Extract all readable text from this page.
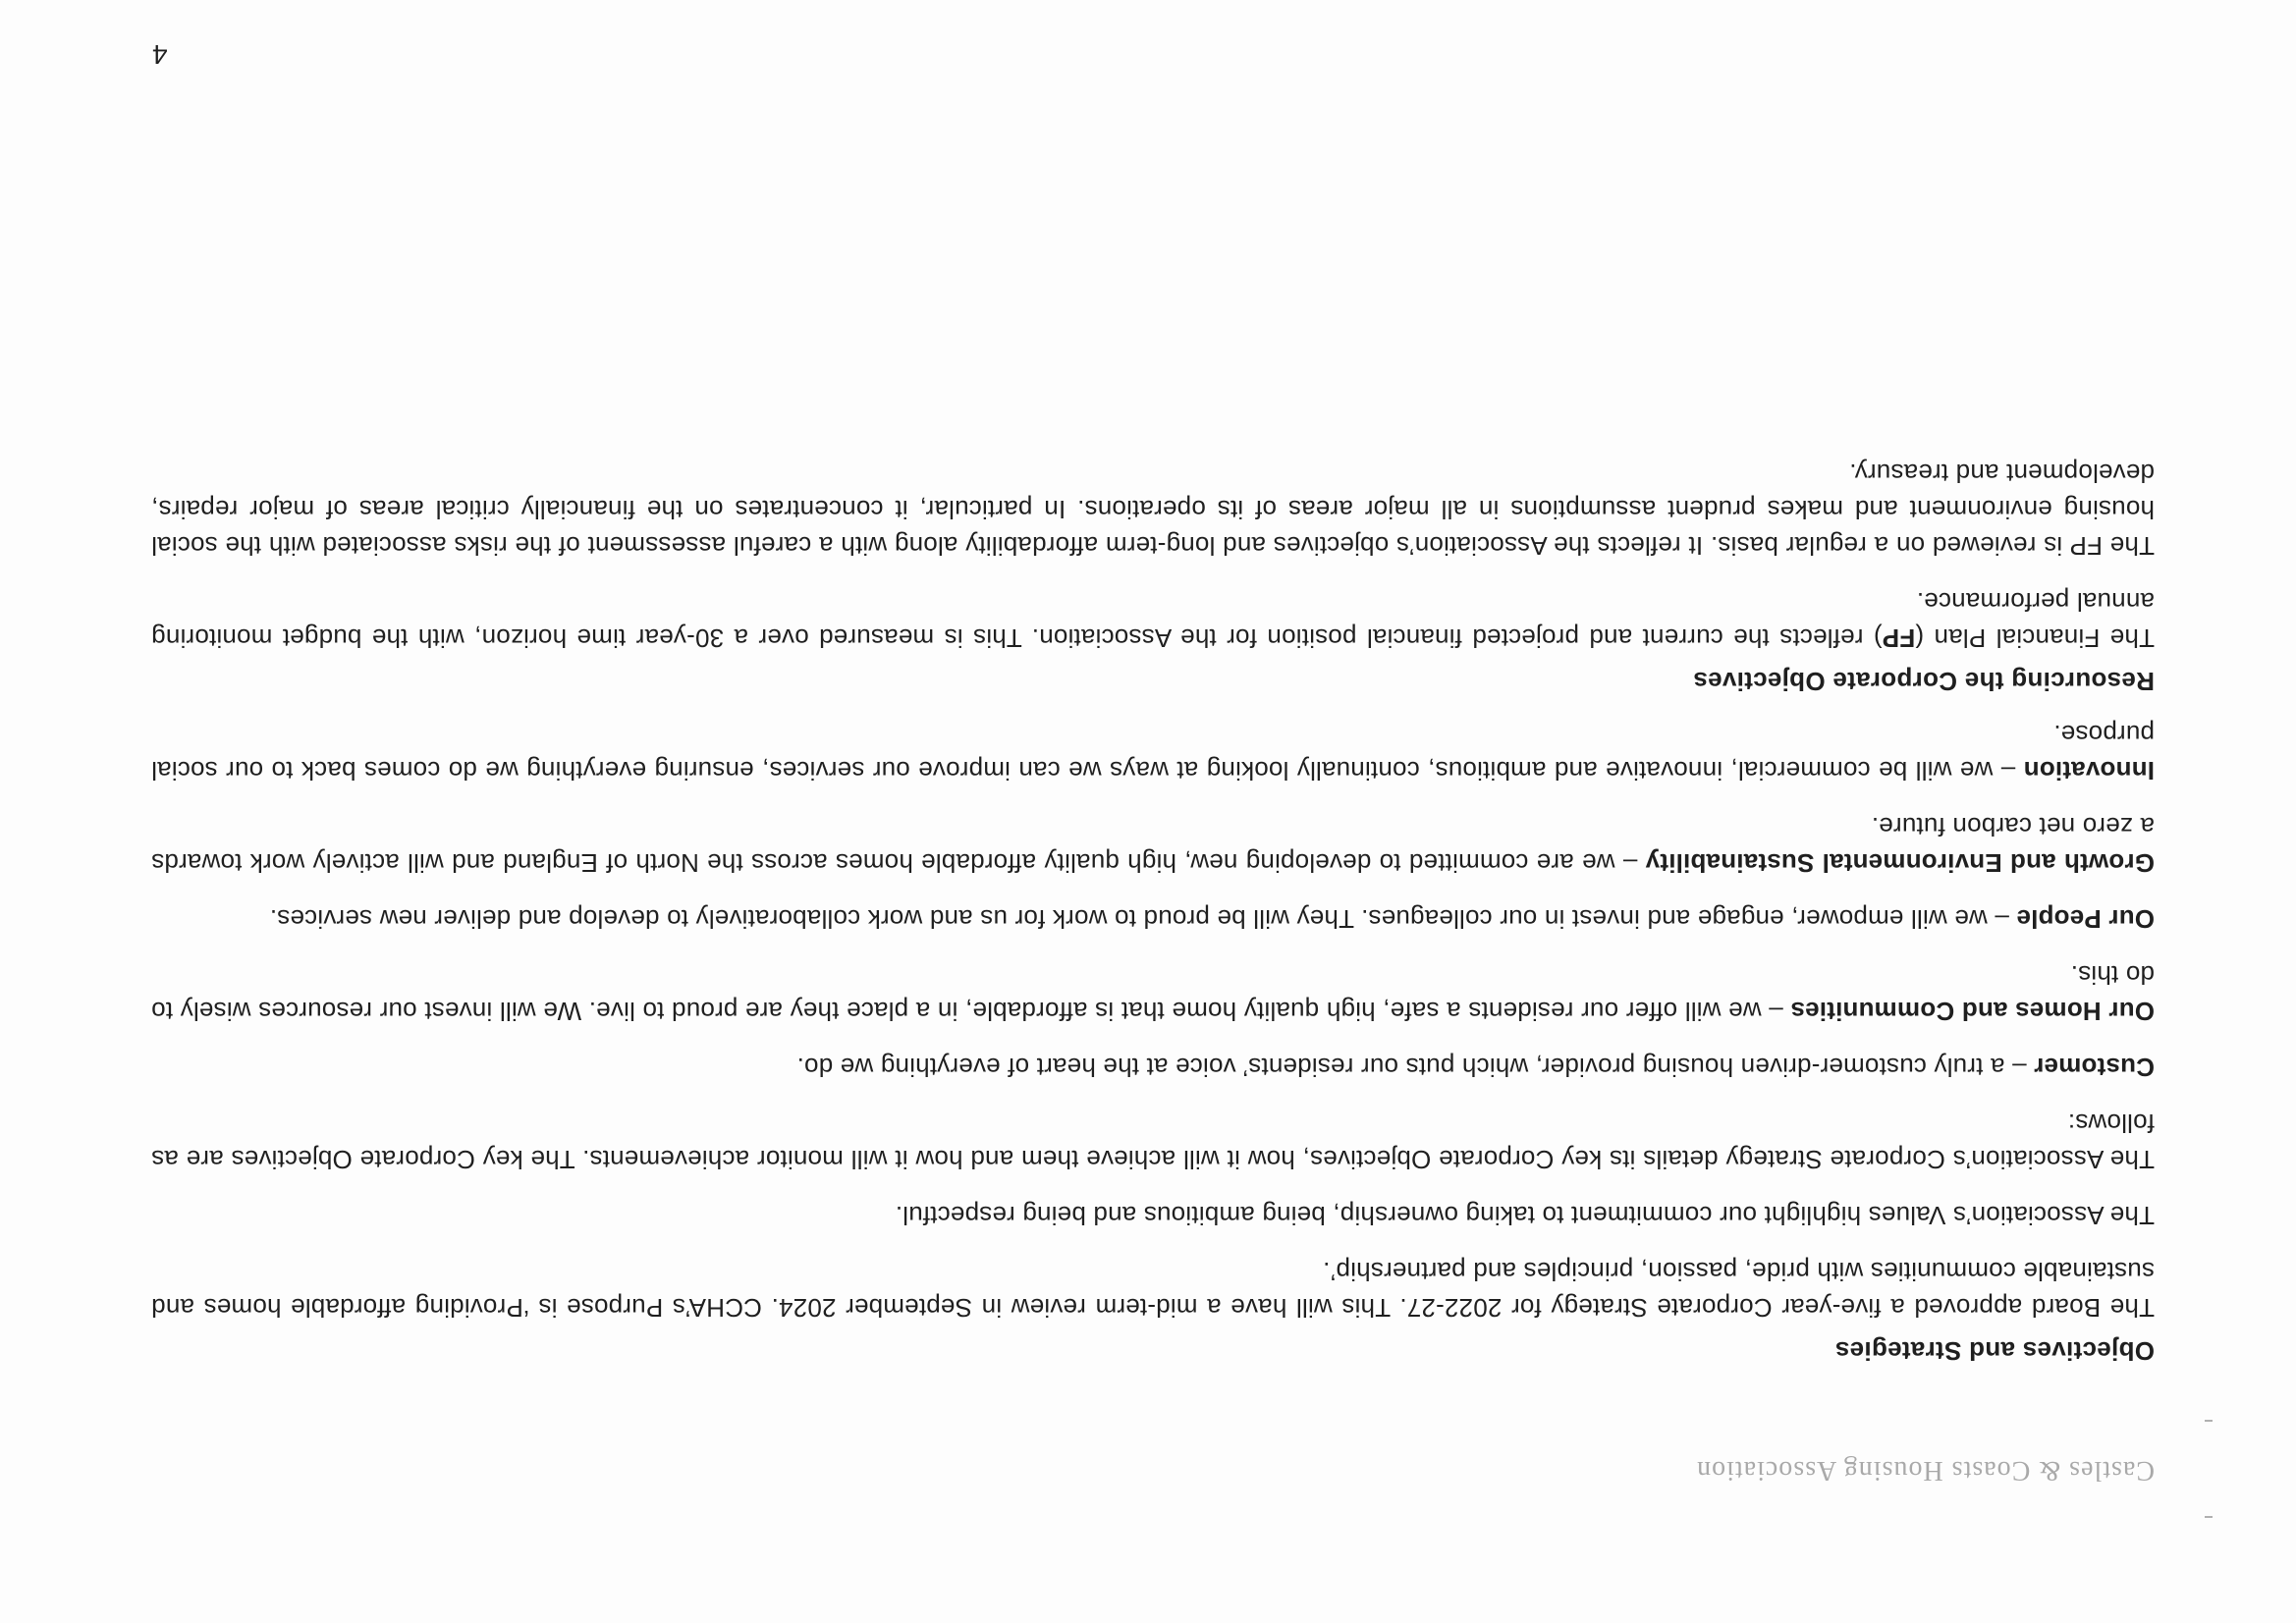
Castles & Coasts Housing Association
Objectives and Strategies

The Board approved a five-year Corporate Strategy for 2022-27. This will have a mid-term review in September 2024. CCHA’s Purpose is ‘Providing affordable homes and sustainable communities with pride, passion, principles and partnership’.

The Association’s Values highlight our commitment to taking ownership, being ambitious and being respectful.

The Association’s Corporate Strategy details its key Corporate Objectives, how it will achieve them and how it will monitor achievements. The key Corporate Objectives are as follows:

Customer – a truly customer-driven housing provider, which puts our residents’ voice at the heart of everything we do.

Our Homes and Communities – we will offer our residents a safe, high quality home that is affordable, in a place they are proud to live. We will invest our resources wisely to do this.

Our People – we will empower, engage and invest in our colleagues. They will be proud to work for us and work collaboratively to develop and deliver new services.

Growth and Environmental Sustainability – we are committed to developing new, high quality affordable homes across the North of England and will actively work towards a zero net carbon future.

Innovation – we will be commercial, innovative and ambitious, continually looking at ways we can improve our services, ensuring everything we do comes back to our social purpose.

Resourcing the Corporate Objectives

The Financial Plan (FP) reflects the current and projected financial position for the Association. This is measured over a 30-year time horizon, with the budget monitoring annual performance.

The FP is reviewed on a regular basis. It reflects the Association’s objectives and long-term affordability along with a careful assessment of the risks associated with the social housing environment and makes prudent assumptions in all major areas of its operations. In particular, it concentrates on the financially critical areas of major repairs, development and treasury.

4
